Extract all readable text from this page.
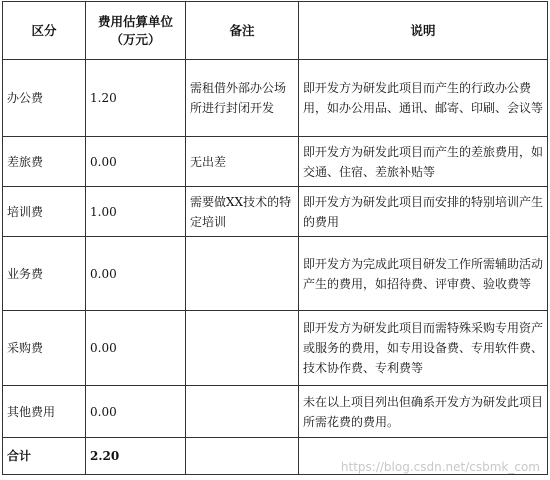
区分	费用估算单位（万元）	备注	说明
办公费	1.20	需租借外部办公场所进行封闭开发	即开发方为研发此项目而产生的行政办公费用，如办公用品、通讯、邮寄、印刷、会议等
差旅费	0.00	无出差	即开发方为研发此项目而产生的差旅费用，如交通、住宿、差旅补贴等
培训费	1.00	需要做XX技术的特定培训	即开发方为研发此项目而安排的特别培训产生的费用
业务费	0.00		即开发方为完成此项目研发工作所需辅助活动产生的费用，如招待费、评审费、验收费等
采购费	0.00		即开发方为研发此项目而需特殊采购专用资产或服务的费用，如专用设备费、专用软件费、技术协作费、专利费等
其他费用	0.00		未在以上项目列出但确系开发方为研发此项目所需花费的费用。
合计	2.20		
https://blog.csdn.net/csbmk_com
